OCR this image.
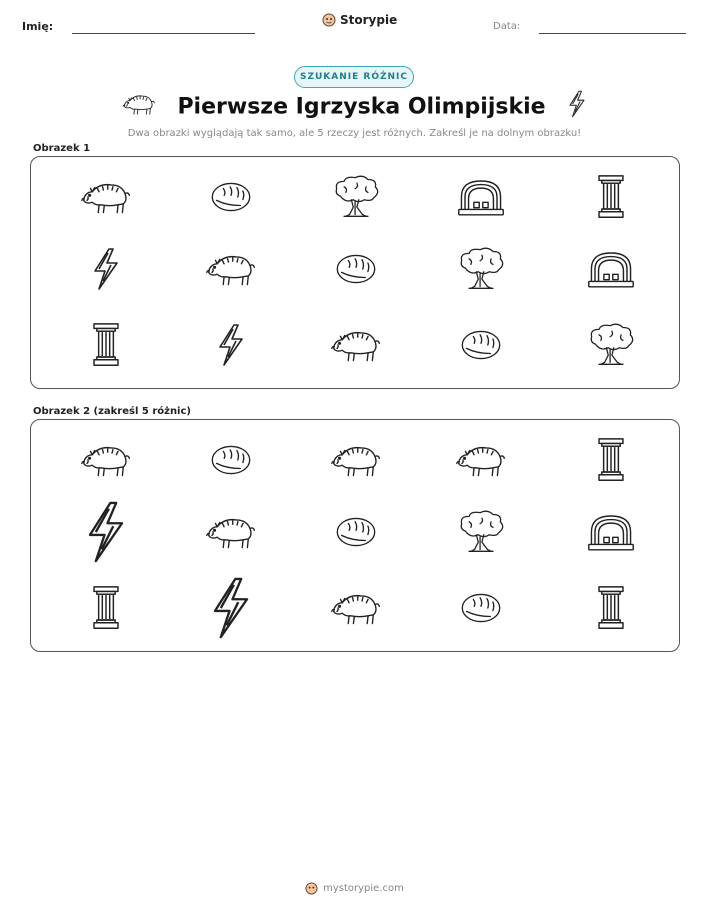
Imię:	Storypie	Data:
SZUKANIE RÓŻNIC
Pierwsze Igrzyska Olimpijskie
Dwa obrazki wyglądają tak samo, ale 5 rzeczy jest różnych. Zakreśl je na dolnym obrazku!
Obrazek 1
Obrazek 2 (zakreśl 5 różnic)
mystorypie.com
